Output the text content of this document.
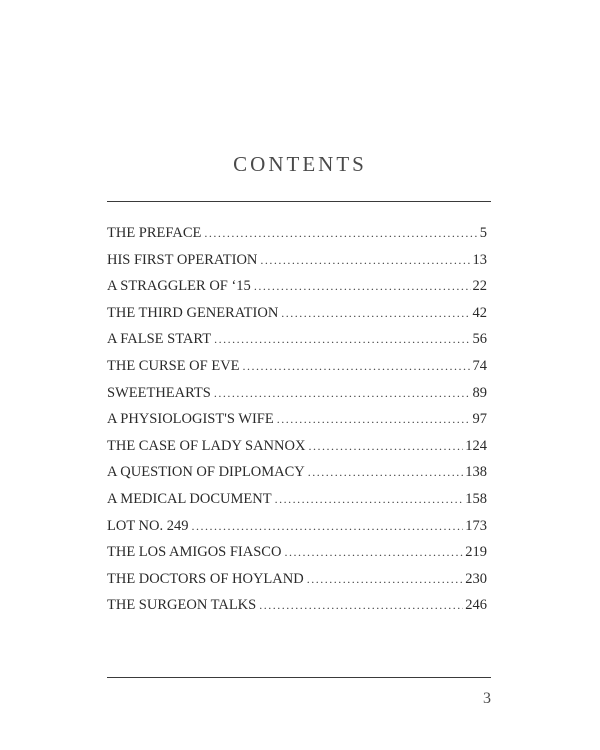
CONTENTS
THE PREFACE .....	5
HIS FIRST OPERATION .....	13
A STRAGGLER OF ‘15 .....	22
THE THIRD GENERATION .....	42
A FALSE START .....	56
THE CURSE OF EVE .....	74
SWEETHEARTS .....	89
A PHYSIOLOGIST'S WIFE .....	97
THE CASE OF LADY SANNOX .....	124
A QUESTION OF DIPLOMACY .....	138
A MEDICAL DOCUMENT .....	158
LOT NO. 249 .....	173
THE LOS AMIGOS FIASCO .....	219
THE DOCTORS OF HOYLAND .....	230
THE SURGEON TALKS .....	246
3
